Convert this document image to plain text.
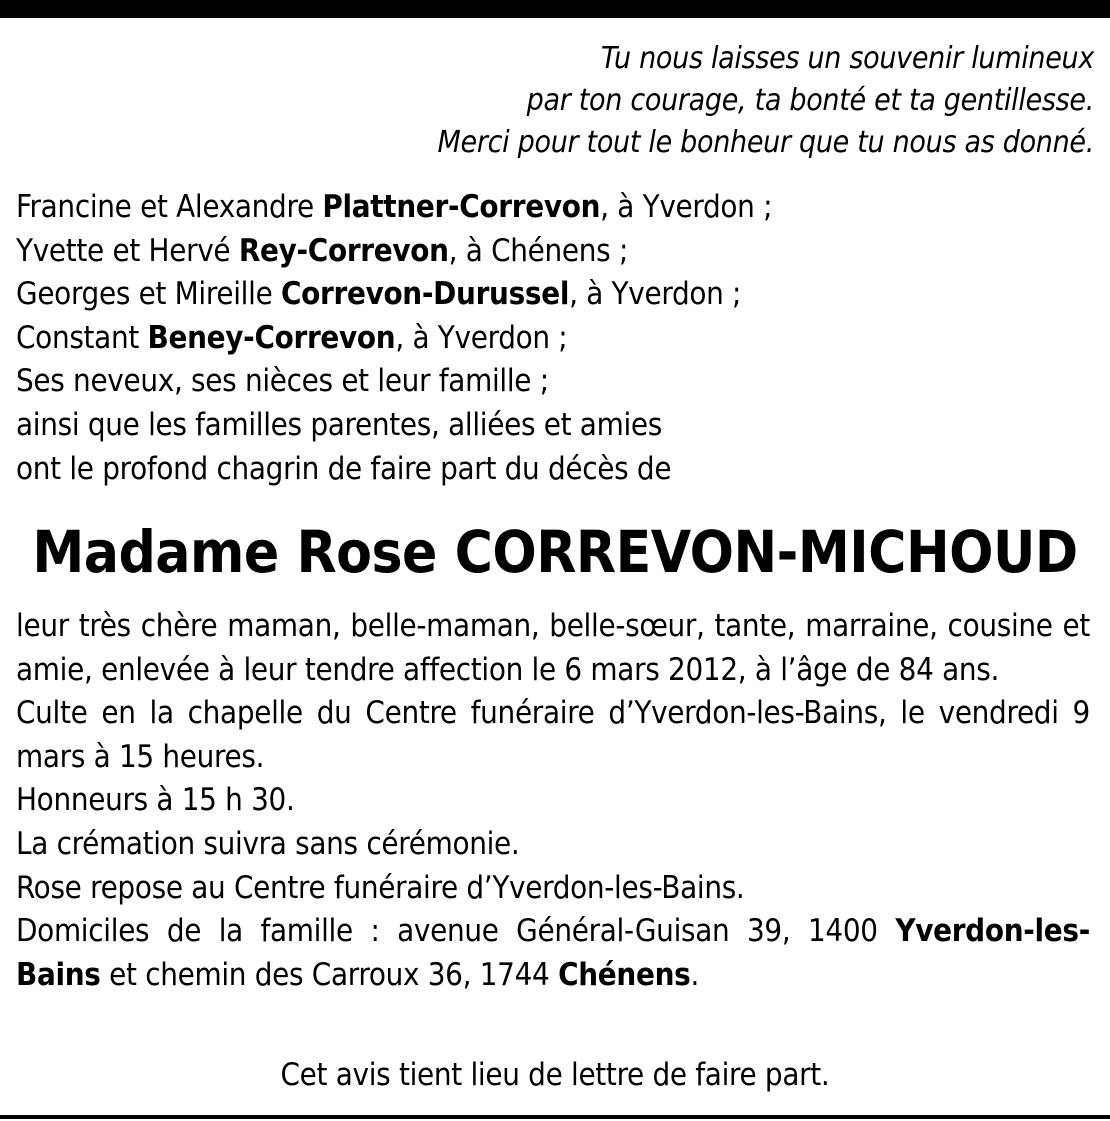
Tu nous laisses un souvenir lumineux
par ton courage, ta bonté et ta gentillesse.
Merci pour tout le bonheur que tu nous as donné.
Francine et Alexandre Plattner-Correvon, à Yverdon ;
Yvette et Hervé Rey-Correvon, à Chénens ;
Georges et Mireille Correvon-Durussel, à Yverdon ;
Constant Beney-Correvon, à Yverdon ;
Ses neveux, ses nièces et leur famille ;
ainsi que les familles parentes, alliées et amies
ont le profond chagrin de faire part du décès de
Madame Rose CORREVON-MICHOUD

leur très chère maman, belle-maman, belle-sœur, tante, marraine, cousine et amie, enlevée à leur tendre affection le 6 mars 2012, à l’âge de 84 ans.

Culte en la chapelle du Centre funéraire d’Yverdon-les-Bains, le vendredi 9 mars à 15 heures.

Honneurs à 15 h 30.

La crémation suivra sans cérémonie.

Rose repose au Centre funéraire d’Yverdon-les-Bains.

Domiciles de la famille : avenue Général-Guisan 39, 1400 Yverdon-les-Bains et chemin des Carroux 36, 1744 Chénens.

Cet avis tient lieu de lettre de faire part.
